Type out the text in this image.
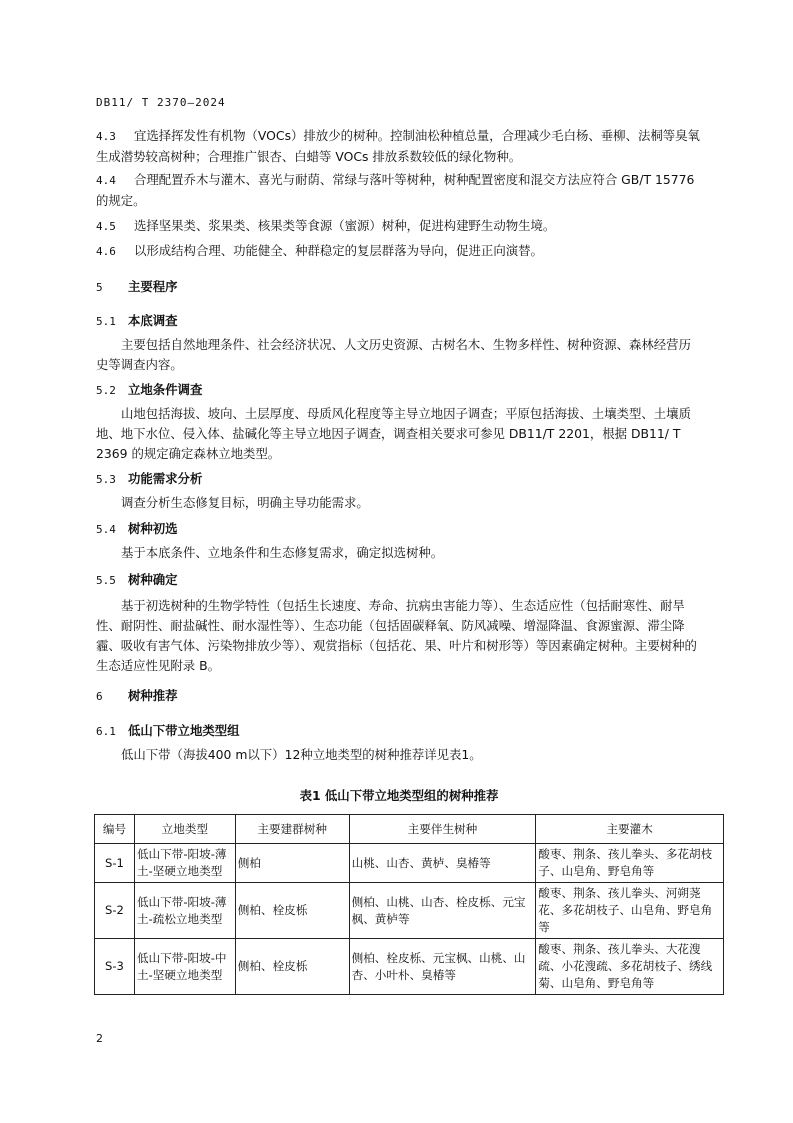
DB11/ T 2370—2024
4.3 宜选择挥发性有机物（VOCs）排放少的树种。控制油松种植总量，合理减少毛白杨、垂柳、法桐等臭氧生成潜势较高树种；合理推广银杏、白蜡等 VOCs 排放系数较低的绿化物种。
4.4 合理配置乔木与灌木、喜光与耐荫、常绿与落叶等树种，树种配置密度和混交方法应符合 GB/T 15776 的规定。
4.5 选择坚果类、浆果类、核果类等食源（蜜源）树种，促进构建野生动物生境。
4.6 以形成结构合理、功能健全、种群稳定的复层群落为导向，促进正向演替。
5 主要程序
5.1 本底调查
主要包括自然地理条件、社会经济状况、人文历史资源、古树名木、生物多样性、树种资源、森林经营历史等调查内容。
5.2 立地条件调查
山地包括海拔、坡向、土层厚度、母质风化程度等主导立地因子调查；平原包括海拔、土壤类型、土壤质地、地下水位、侵入体、盐碱化等主导立地因子调查，调查相关要求可参见 DB11/T 2201，根据 DB11/ T 2369 的规定确定森林立地类型。
5.3 功能需求分析
调查分析生态修复目标，明确主导功能需求。
5.4 树种初选
基于本底条件、立地条件和生态修复需求，确定拟选树种。
5.5 树种确定
基于初选树种的生物学特性（包括生长速度、寿命、抗病虫害能力等）、生态适应性（包括耐寒性、耐旱性、耐阴性、耐盐碱性、耐水湿性等）、生态功能（包括固碳释氧、防风减噪、增湿降温、食源蜜源、滞尘降霾、吸收有害气体、污染物排放少等）、观赏指标（包括花、果、叶片和树形等）等因素确定树种。主要树种的生态适应性见附录 B。
6 树种推荐
6.1 低山下带立地类型组
低山下带（海拔400 m以下）12种立地类型的树种推荐详见表1。
表1 低山下带立地类型组的树种推荐
编号	立地类型	主要建群树种	主要伴生树种	主要灌木
S-1	低山下带-阳坡-薄土-坚硬立地类型	侧柏	山桃、山杏、黄栌、臭椿等	酸枣、荆条、孩儿拳头、多花胡枝子、山皂角、野皂角等
S-2	低山下带-阳坡-薄土-疏松立地类型	侧柏、栓皮栎	侧柏、山桃、山杏、栓皮栎、元宝枫、黄栌等	酸枣、荆条、孩儿拳头、河朔荛花、多花胡枝子、山皂角、野皂角等
S-3	低山下带-阳坡-中土-坚硬立地类型	侧柏、栓皮栎	侧柏、栓皮栎、元宝枫、山桃、山杏、小叶朴、臭椿等	酸枣、荆条、孩儿拳头、大花溲疏、小花溲疏、多花胡枝子、绣线菊、山皂角、野皂角等
2
